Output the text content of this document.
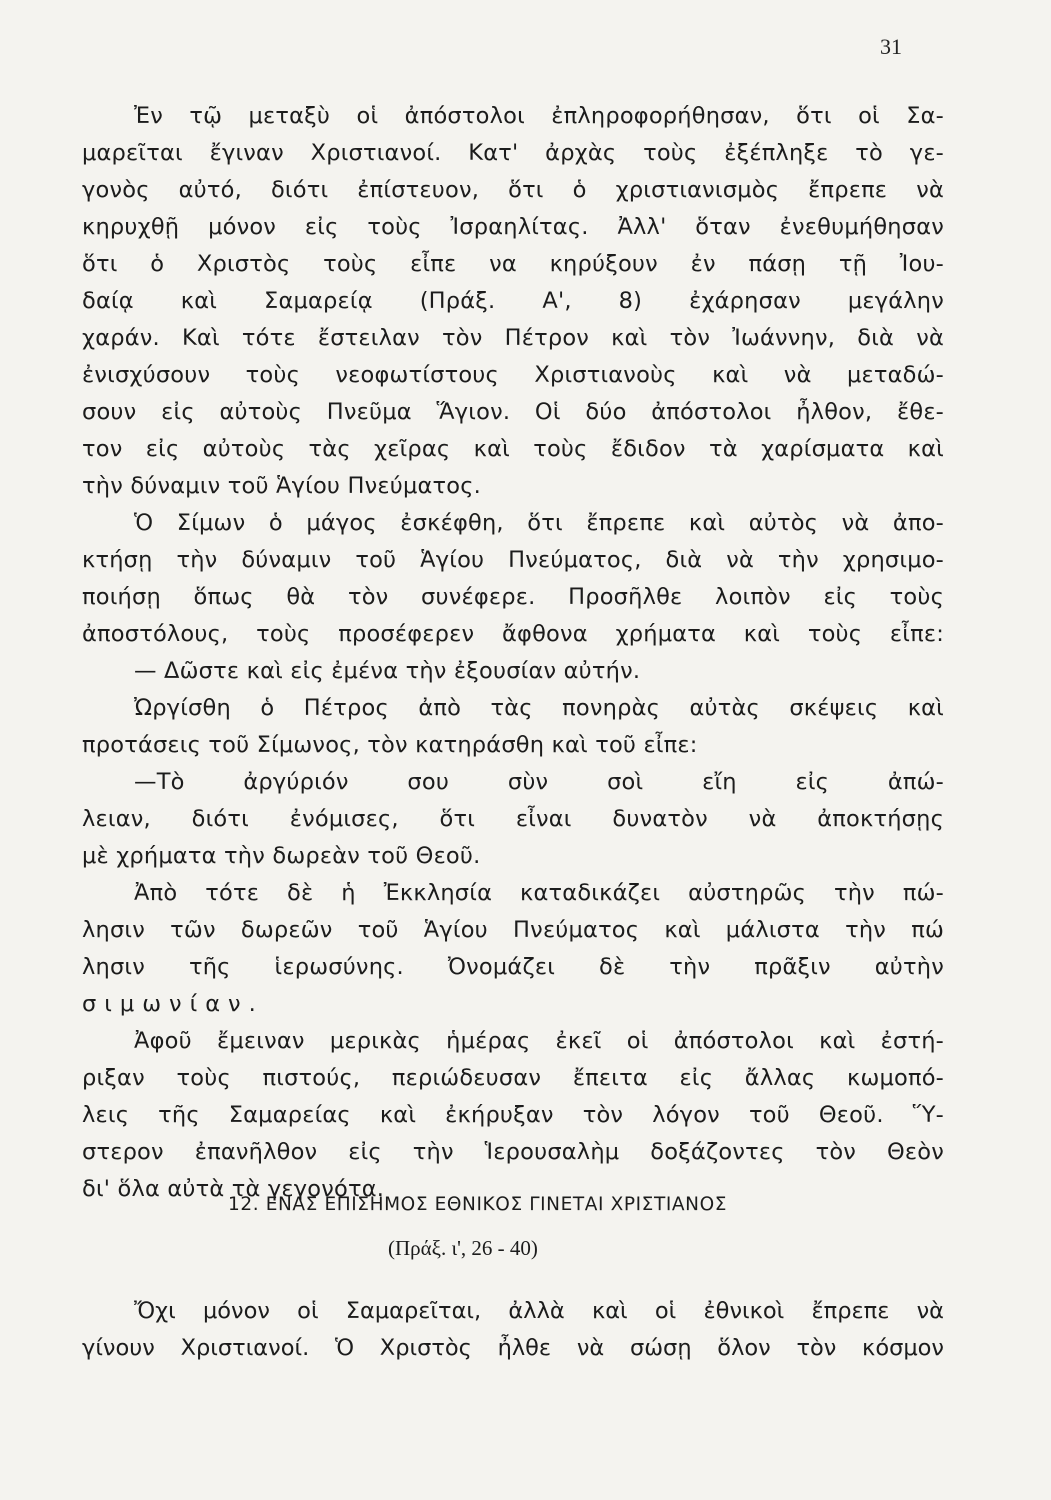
31
Ἐν τῷ μεταξὺ οἱ ἀπόστολοι ἐπληροφορήθησαν, ὅτι οἱ Σα-
μαρεῖται ἔγιναν Χριστιανοί. Κατ' ἀρχὰς τοὺς ἐξέπληξε τὸ γε-
γονὸς αὐτό, διότι ἐπίστευον, ὅτι ὁ χριστιανισμὸς ἔπρεπε νὰ
κηρυχθῇ μόνον εἰς τοὺς Ἰσραηλίτας. Ἀλλ' ὅταν ἐνεθυμήθησαν
ὅτι ὁ Χριστὸς τοὺς εἶπε να κηρύξουν ἐν πάσῃ τῇ Ἰου-
δαίᾳ καὶ Σαμαρείᾳ (Πράξ. Α', 8) ἐχάρησαν μεγάλην
χαράν. Καὶ τότε ἔστειλαν τὸν Πέτρον καὶ τὸν Ἰωάννην, διὰ νὰ
ἐνισχύσουν τοὺς νεοφωτίστους Χριστιανοὺς καὶ νὰ μεταδώ-
σουν εἰς αὐτοὺς Πνεῦμα Ἅγιον. Οἱ δύο ἀπόστολοι ἦλθον, ἔθε-
τον εἰς αὐτοὺς τὰς χεῖρας καὶ τοὺς ἔδιδον τὰ χαρίσματα καὶ
τὴν δύναμιν τοῦ Ἁγίου Πνεύματος.
Ὁ Σίμων ὁ μάγος ἐσκέφθη, ὅτι ἔπρεπε καὶ αὐτὸς νὰ ἀπο-
κτήσῃ τὴν δύναμιν τοῦ Ἁγίου Πνεύματος, διὰ νὰ τὴν χρησιμο-
ποιήσῃ ὅπως θὰ τὸν συνέφερε. Προσῆλθε λοιπὸν εἰς τοὺς
ἀποστόλους, τοὺς προσέφερεν ἄφθονα χρήματα καὶ τοὺς εἶπε:
— Δῶστε καὶ εἰς ἐμένα τὴν ἐξουσίαν αὐτήν.
Ὠργίσθη ὁ Πέτρος ἀπὸ τὰς πονηρὰς αὐτὰς σκέψεις καὶ
προτάσεις τοῦ Σίμωνος, τὸν κατηράσθη καὶ τοῦ εἶπε:
—Τὸ ἀργύριόν σου σὺν σοὶ εἴη εἰς ἀπώ-
λειαν, διότι ἐνόμισες, ὅτι εἶναι δυνατὸν νὰ ἀποκτήσῃς
μὲ χρήματα τὴν δωρεὰν τοῦ Θεοῦ.
Ἀπὸ τότε δὲ ἡ Ἐκκλησία καταδικάζει αὐστηρῶς τὴν πώ-
λησιν τῶν δωρεῶν τοῦ Ἁγίου Πνεύματος καὶ μάλιστα τὴν πώ
λησιν τῆς ἱερωσύνης. Ὀνομάζει δὲ τὴν πρᾶξιν αὐτὴν
σιμωνίαν.
Ἀφοῦ ἔμειναν μερικὰς ἡμέρας ἐκεῖ οἱ ἀπόστολοι καὶ ἐστή-
ριξαν τοὺς πιστούς, περιώδευσαν ἔπειτα εἰς ἄλλας κωμοπό-
λεις τῆς Σαμαρείας καὶ ἐκήρυξαν τὸν λόγον τοῦ Θεοῦ. Ὕ-
στερον ἐπανῆλθον εἰς τὴν Ἱερουσαλὴμ δοξάζοντες τὸν Θεὸν
δι' ὅλα αὐτὰ τὰ γεγονότα.
12. ΕΝΑΣ ΕΠΙΣΗΜΟΣ ΕΘΝΙΚΟΣ ΓΙΝΕΤΑΙ ΧΡΙΣΤΙΑΝΟΣ
(Πράξ. ι', 26 - 40)
Ὄχι μόνον οἱ Σαμαρεῖται, ἀλλὰ καὶ οἱ ἐθνικοὶ ἔπρεπε νὰ
γίνουν Χριστιανοί. Ὁ Χριστὸς ἦλθε νὰ σώσῃ ὅλον τὸν κόσμον
